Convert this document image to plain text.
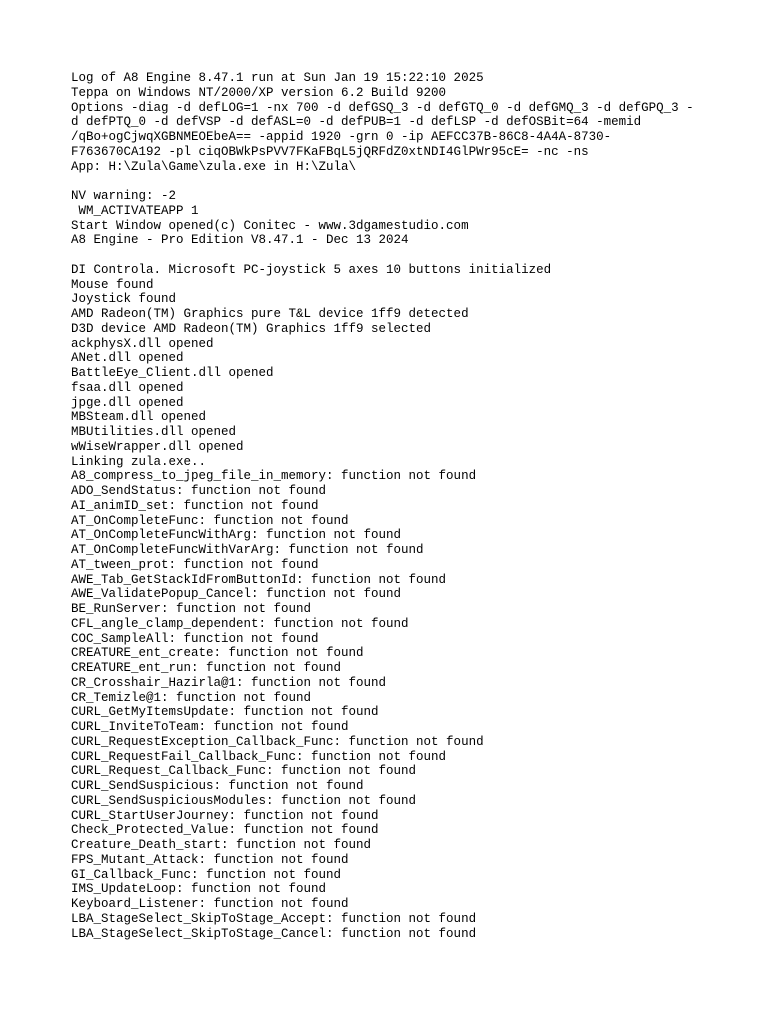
Log of A8 Engine 8.47.1 run at Sun Jan 19 15:22:10 2025
Teppa on Windows NT/2000/XP version 6.2 Build 9200
Options -diag -d defLOG=1 -nx 700 -d defGSQ_3 -d defGTQ_0 -d defGMQ_3 -d defGPQ_3 -
d defPTQ_0 -d defVSP -d defASL=0 -d defPUB=1 -d defLSP -d defOSBit=64 -memid
/qBo+ogCjwqXGBNMEOEbeA== -appid 1920 -grn 0 -ip AEFCC37B-86C8-4A4A-8730-
F763670CA192 -pl ciqOBWkPsPVV7FKaFBqL5jQRFdZ0xtNDI4GlPWr95cE= -nc -ns
App: H:\Zula\Game\zula.exe in H:\Zula\
NV warning: -2
WM_ACTIVATEAPP 1
Start Window opened(c) Conitec - www.3dgamestudio.com
A8 Engine - Pro Edition V8.47.1 - Dec 13 2024
DI Controla. Microsoft PC-joystick 5 axes 10 buttons initialized
Mouse found
Joystick found
AMD Radeon(TM) Graphics pure T&L device 1ff9 detected
D3D device AMD Radeon(TM) Graphics 1ff9 selected
ackphysX.dll opened
ANet.dll opened
BattleEye_Client.dll opened
fsaa.dll opened
jpge.dll opened
MBSteam.dll opened
MBUtilities.dll opened
wWiseWrapper.dll opened
Linking zula.exe..
A8_compress_to_jpeg_file_in_memory: function not found
ADO_SendStatus: function not found
AI_animID_set: function not found
AT_OnCompleteFunc: function not found
AT_OnCompleteFuncWithArg: function not found
AT_OnCompleteFuncWithVarArg: function not found
AT_tween_prot: function not found
AWE_Tab_GetStackIdFromButtonId: function not found
AWE_ValidatePopup_Cancel: function not found
BE_RunServer: function not found
CFL_angle_clamp_dependent: function not found
COC_SampleAll: function not found
CREATURE_ent_create: function not found
CREATURE_ent_run: function not found
CR_Crosshair_Hazirla@1: function not found
CR_Temizle@1: function not found
CURL_GetMyItemsUpdate: function not found
CURL_InviteToTeam: function not found
CURL_RequestException_Callback_Func: function not found
CURL_RequestFail_Callback_Func: function not found
CURL_Request_Callback_Func: function not found
CURL_SendSuspicious: function not found
CURL_SendSuspiciousModules: function not found
CURL_StartUserJourney: function not found
Check_Protected_Value: function not found
Creature_Death_start: function not found
FPS_Mutant_Attack: function not found
GI_Callback_Func: function not found
IMS_UpdateLoop: function not found
Keyboard_Listener: function not found
LBA_StageSelect_SkipToStage_Accept: function not found
LBA_StageSelect_SkipToStage_Cancel: function not found
